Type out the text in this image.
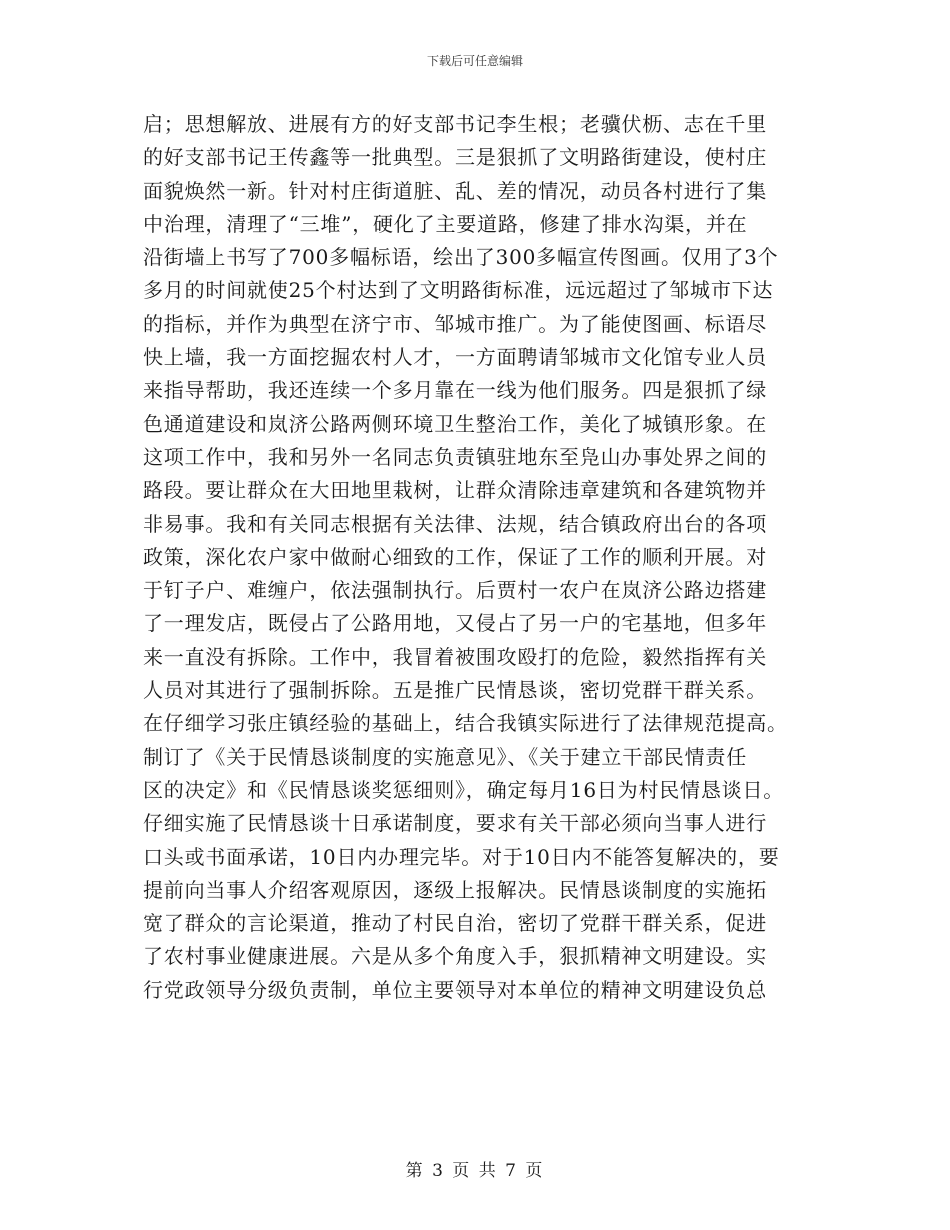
下载后可任意编辑
启；思想解放、进展有方的好支部书记李生根；老骥伏枥、志在千里
的好支部书记王传鑫等一批典型。三是狠抓了文明路街建设，使村庄
面貌焕然一新。针对村庄街道脏、乱、差的情况，动员各村进行了集
中治理，清理了“三堆”，硬化了主要道路，修建了排水沟渠，并在
沿街墙上书写了700多幅标语，绘出了300多幅宣传图画。仅用了3个
多月的时间就使25个村达到了文明路街标准，远远超过了邹城市下达
的指标，并作为典型在济宁市、邹城市推广。为了能使图画、标语尽
快上墙，我一方面挖掘农村人才，一方面聘请邹城市文化馆专业人员
来指导帮助，我还连续一个多月靠在一线为他们服务。四是狠抓了绿
色通道建设和岚济公路两侧环境卫生整治工作，美化了城镇形象。在
这项工作中，我和另外一名同志负责镇驻地东至凫山办事处界之间的
路段。要让群众在大田地里栽树，让群众清除违章建筑和各建筑物并
非易事。我和有关同志根据有关法律、法规，结合镇政府出台的各项
政策，深化农户家中做耐心细致的工作，保证了工作的顺利开展。对
于钉子户、难缠户，依法强制执行。后贾村一农户在岚济公路边搭建
了一理发店，既侵占了公路用地，又侵占了另一户的宅基地，但多年
来一直没有拆除。工作中，我冒着被围攻殴打的危险，毅然指挥有关
人员对其进行了强制拆除。五是推广民情恳谈，密切党群干群关系。
在仔细学习张庄镇经验的基础上，结合我镇实际进行了法律规范提高。
制订了《关于民情恳谈制度的实施意见》、《关于建立干部民情责任
区的决定》和《民情恳谈奖惩细则》，确定每月16日为村民情恳谈日。
仔细实施了民情恳谈十日承诺制度，要求有关干部必须向当事人进行
口头或书面承诺，10日内办理完毕。对于10日内不能答复解决的，要
提前向当事人介绍客观原因，逐级上报解决。民情恳谈制度的实施拓
宽了群众的言论渠道，推动了村民自治，密切了党群干群关系，促进
了农村事业健康进展。六是从多个角度入手，狠抓精神文明建设。实
行党政领导分级负责制，单位主要领导对本单位的精神文明建设负总
第 3 页 共 7 页
